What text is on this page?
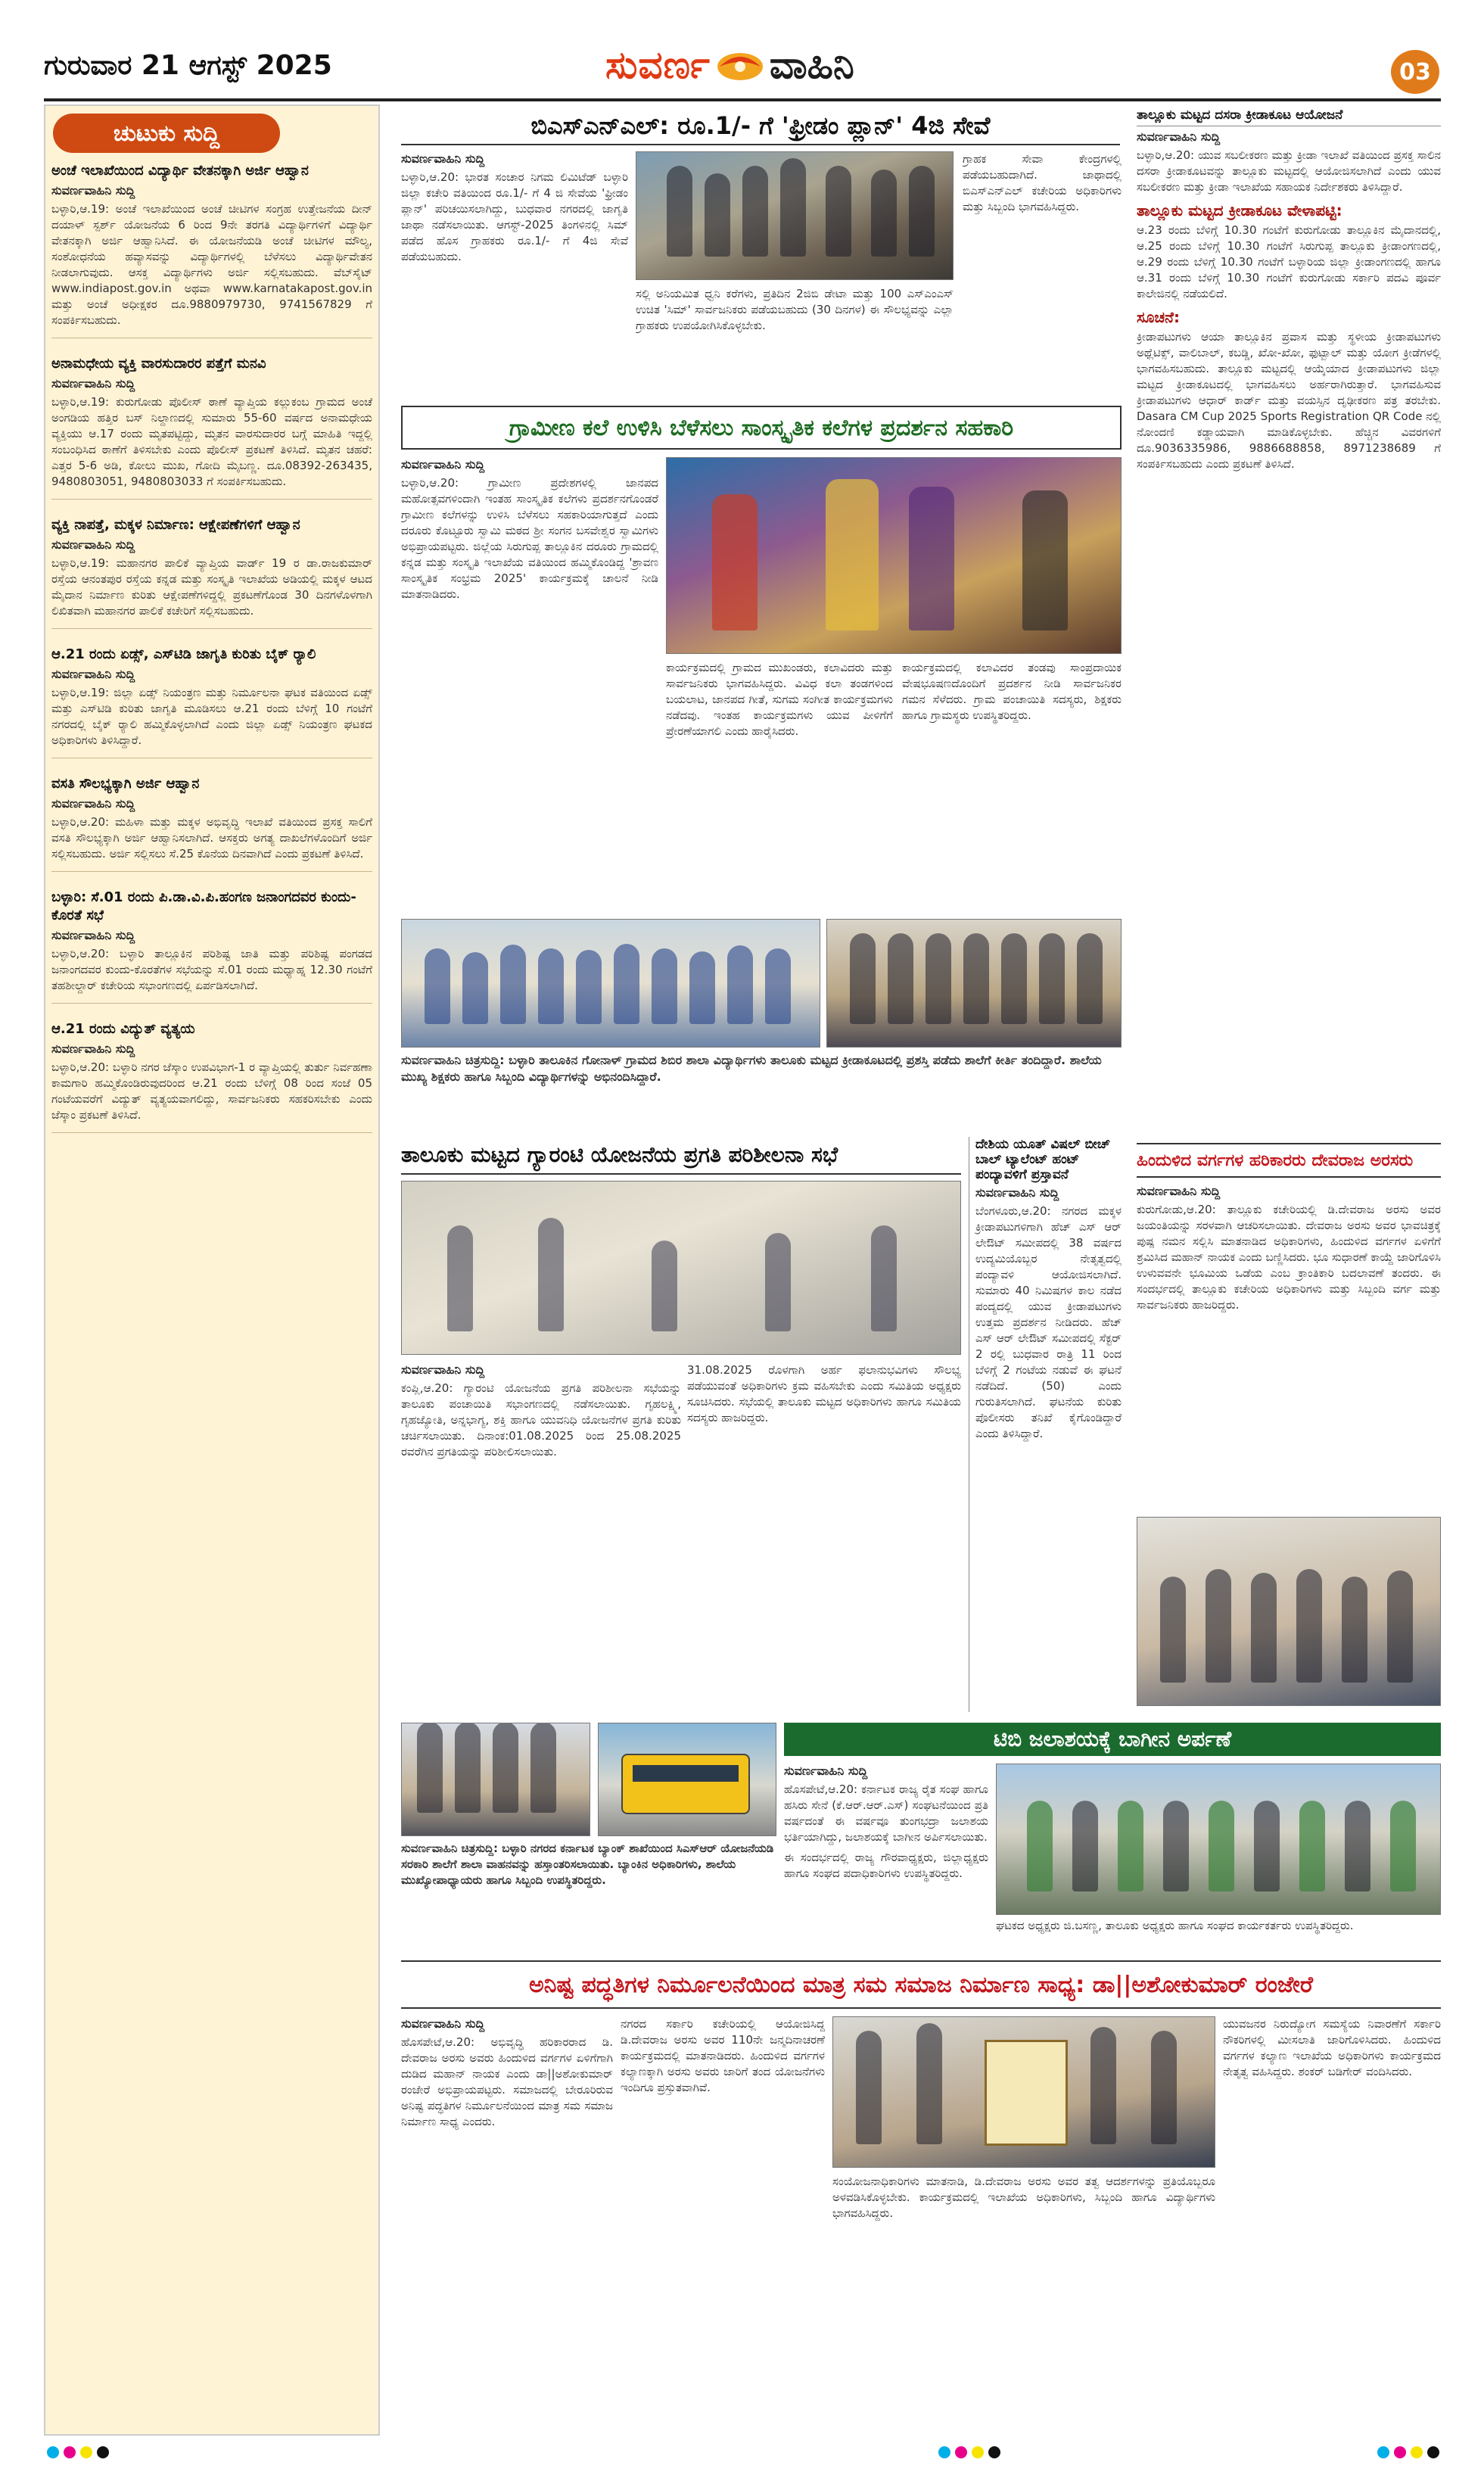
ಗುರುವಾರ 21 ಆಗಸ್ಟ್ 2025	ಸುವರ್ಣ ವಾಹಿನಿ	03
ಚುಟುಕು ಸುದ್ದಿ
ಅಂಚೆ ಇಲಾಖೆಯಿಂದ ವಿದ್ಯಾರ್ಥಿ ವೇತನಕ್ಕಾಗಿ ಅರ್ಜಿ ಆಹ್ವಾನ
ಸುವರ್ಣವಾಹಿನಿ ಸುದ್ದಿ
ಬಳ್ಳಾರಿ,ಆ.19: ಅಂಚೆ ಇಲಾಖೆಯಿಂದ ಅಂಚೆ ಚೀಟಿಗಳ ಸಂಗ್ರಹ ಉತ್ತೇಜನೆಯ ದೀನ್ ದಯಾಳ್ ಸ್ಪರ್ಶ್ ಯೋಜನೆಯ 6 ರಿಂದ 9ನೇ ತರಗತಿ ವಿದ್ಯಾರ್ಥಿಗಳಿಗೆ ವಿದ್ಯಾರ್ಥಿ ವೇತನಕ್ಕಾಗಿ ಅರ್ಜಿ ಆಹ್ವಾನಿಸಿದೆ. ಈ ಯೋಜನೆಯಡಿ ಅಂಚೆ ಚೀಟಿಗಳ ಮೌಲ್ಯ, ಸಂಶೋಧನೆಯ ಹವ್ಯಾಸವನ್ನು ವಿದ್ಯಾರ್ಥಿಗಳಲ್ಲಿ ಬೆಳೆಸಲು ವಿದ್ಯಾರ್ಥಿವೇತನ ನೀಡಲಾಗುವುದು. ಆಸಕ್ತ ವಿದ್ಯಾರ್ಥಿಗಳು ಅರ್ಜಿ ಸಲ್ಲಿಸಬಹುದು. ವೆಬ್‌ಸೈಟ್ www.indiapost.gov.in ಅಥವಾ www.karnatakapost.gov.in ಮತ್ತು ಅಂಚೆ ಅಧೀಕ್ಷಕರ ದೂ.9880979730, 9741567829 ಗೆ ಸಂಪರ್ಕಿಸಬಹುದು.
ಅನಾಮಧೇಯ ವ್ಯಕ್ತಿ ವಾರಸುದಾರರ ಪತ್ತೆಗೆ ಮನವಿ
ಸುವರ್ಣವಾಹಿನಿ ಸುದ್ದಿ
ಬಳ್ಳಾರಿ,ಆ.19: ಕುರುಗೋಡು ಪೊಲೀಸ್ ಠಾಣೆ ವ್ಯಾಪ್ತಿಯ ಕಲ್ಲುಕಂಬ ಗ್ರಾಮದ ಅಂಚೆ ಅಂಗಡಿಯ ಹತ್ತಿರ ಬಸ್ ನಿಲ್ದಾಣದಲ್ಲಿ ಸುಮಾರು 55-60 ವರ್ಷದ ಅನಾಮಧೇಯ ವ್ಯಕ್ತಿಯು ಆ.17 ರಂದು ಮೃತಪಟ್ಟಿದ್ದು, ಮೃತನ ವಾರಸುದಾರರ ಬಗ್ಗೆ ಮಾಹಿತಿ ಇದ್ದಲ್ಲಿ ಸಂಬಂಧಿಸಿದ ಠಾಣೆಗೆ ತಿಳಿಸಬೇಕು ಎಂದು ಪೊಲೀಸ್ ಪ್ರಕಟಣೆ ತಿಳಿಸಿದೆ. ಮೃತನ ಚಹರೆ: ಎತ್ತರ 5-6 ಅಡಿ, ಕೋಲು ಮುಖ, ಗೋದಿ ಮೈಬಣ್ಣ. ದೂ.08392-263435, 9480803051, 9480803033 ಗೆ ಸಂಪರ್ಕಿಸಬಹುದು.
ವ್ಯಕ್ತಿ ನಾಪತ್ತೆ, ಮಕ್ಕಳ ನಿರ್ಮಾಣ: ಆಕ್ಷೇಪಣೆಗಳಿಗೆ ಆಹ್ವಾನ
ಸುವರ್ಣವಾಹಿನಿ ಸುದ್ದಿ
ಬಳ್ಳಾರಿ,ಆ.19: ಮಹಾನಗರ ಪಾಲಿಕೆ ವ್ಯಾಪ್ತಿಯ ವಾರ್ಡ್ 19 ರ ಡಾ.ರಾಜಕುಮಾರ್ ರಸ್ತೆಯ ಆನಂತಪುರ ರಸ್ತೆಯ ಕನ್ನಡ ಮತ್ತು ಸಂಸ್ಕೃತಿ ಇಲಾಖೆಯ ಅಡಿಯಲ್ಲಿ ಮಕ್ಕಳ ಆಟದ ಮೈದಾನ ನಿರ್ಮಾಣ ಕುರಿತು ಆಕ್ಷೇಪಣೆಗಳಿದ್ದಲ್ಲಿ ಪ್ರಕಟಣೆಗೊಂಡ 30 ದಿನಗಳೊಳಗಾಗಿ ಲಿಖಿತವಾಗಿ ಮಹಾನಗರ ಪಾಲಿಕೆ ಕಚೇರಿಗೆ ಸಲ್ಲಿಸಬಹುದು.
ಆ.21 ರಂದು ಏಡ್ಸ್, ಎಸ್‌ಟಿಡಿ ಜಾಗೃತಿ ಕುರಿತು ಬೈಕ್ ರ‍್ಯಾಲಿ
ಸುವರ್ಣವಾಹಿನಿ ಸುದ್ದಿ
ಬಳ್ಳಾರಿ,ಆ.19: ಜಿಲ್ಲಾ ಏಡ್ಸ್ ನಿಯಂತ್ರಣ ಮತ್ತು ನಿರ್ಮೂಲನಾ ಘಟಕ ವತಿಯಿಂದ ಏಡ್ಸ್ ಮತ್ತು ಎಸ್‌ಟಿಡಿ ಕುರಿತು ಜಾಗೃತಿ ಮೂಡಿಸಲು ಆ.21 ರಂದು ಬೆಳಿಗ್ಗೆ 10 ಗಂಟೆಗೆ ನಗರದಲ್ಲಿ ಬೈಕ್ ರ‍್ಯಾಲಿ ಹಮ್ಮಿಕೊಳ್ಳಲಾಗಿದೆ ಎಂದು ಜಿಲ್ಲಾ ಏಡ್ಸ್ ನಿಯಂತ್ರಣ ಘಟಕದ ಅಧಿಕಾರಿಗಳು ತಿಳಿಸಿದ್ದಾರೆ.
ವಸತಿ ಸೌಲಭ್ಯಕ್ಕಾಗಿ ಅರ್ಜಿ ಆಹ್ವಾನ
ಸುವರ್ಣವಾಹಿನಿ ಸುದ್ದಿ
ಬಳ್ಳಾರಿ,ಆ.20: ಮಹಿಳಾ ಮತ್ತು ಮಕ್ಕಳ ಅಭಿವೃದ್ಧಿ ಇಲಾಖೆ ವತಿಯಿಂದ ಪ್ರಸಕ್ತ ಸಾಲಿಗೆ ವಸತಿ ಸೌಲಭ್ಯಕ್ಕಾಗಿ ಅರ್ಜಿ ಆಹ್ವಾನಿಸಲಾಗಿದೆ. ಆಸಕ್ತರು ಅಗತ್ಯ ದಾಖಲೆಗಳೊಂದಿಗೆ ಅರ್ಜಿ ಸಲ್ಲಿಸಬಹುದು. ಅರ್ಜಿ ಸಲ್ಲಿಸಲು ಸೆ.25 ಕೊನೆಯ ದಿನವಾಗಿದೆ ಎಂದು ಪ್ರಕಟಣೆ ತಿಳಿಸಿದೆ.
ಬಳ್ಳಾರಿ: ಸೆ.01 ರಂದು ಪಿ.ಡಾ.ವಿ.ಪಿ.ಹಂಗಣ ಜನಾಂಗದವರ ಕುಂದು-ಕೊರತೆ ಸಭೆ
ಸುವರ್ಣವಾಹಿನಿ ಸುದ್ದಿ
ಬಳ್ಳಾರಿ,ಆ.20: ಬಳ್ಳಾರಿ ತಾಲ್ಲೂಕಿನ ಪರಿಶಿಷ್ಟ ಜಾತಿ ಮತ್ತು ಪರಿಶಿಷ್ಟ ಪಂಗಡದ ಜನಾಂಗದವರ ಕುಂದು-ಕೊರತೆಗಳ ಸಭೆಯನ್ನು ಸೆ.01 ರಂದು ಮಧ್ಯಾಹ್ನ 12.30 ಗಂಟೆಗೆ ತಹಶೀಲ್ದಾರ್ ಕಚೇರಿಯ ಸಭಾಂಗಣದಲ್ಲಿ ಏರ್ಪಡಿಸಲಾಗಿದೆ.
ಆ.21 ರಂದು ವಿದ್ಯುತ್ ವ್ಯತ್ಯಯ
ಸುವರ್ಣವಾಹಿನಿ ಸುದ್ದಿ
ಬಳ್ಳಾರಿ,ಆ.20: ಬಳ್ಳಾರಿ ನಗರ ಜೆಸ್ಕಾಂ ಉಪವಿಭಾಗ-1 ರ ವ್ಯಾಪ್ತಿಯಲ್ಲಿ ತುರ್ತು ನಿರ್ವಹಣಾ ಕಾಮಗಾರಿ ಹಮ್ಮಿಕೊಂಡಿರುವುದರಿಂದ ಆ.21 ರಂದು ಬೆಳಿಗ್ಗೆ 08 ರಿಂದ ಸಂಜೆ 05 ಗಂಟೆಯವರೆಗೆ ವಿದ್ಯುತ್ ವ್ಯತ್ಯಯವಾಗಲಿದ್ದು, ಸಾರ್ವಜನಿಕರು ಸಹಕರಿಸಬೇಕು ಎಂದು ಜೆಸ್ಕಾಂ ಪ್ರಕಟಣೆ ತಿಳಿಸಿದೆ.
ಬಿಎಸ್‌ಎನ್‌ಎಲ್: ರೂ.1/- ಗೆ 'ಫ್ರೀಡಂ ಪ್ಲಾನ್' 4ಜಿ ಸೇವೆ
ಸುವರ್ಣವಾಹಿನಿ ಸುದ್ದಿ
ಬಳ್ಳಾರಿ,ಆ.20: ಭಾರತ ಸಂಚಾರ ನಿಗಮ ಲಿಮಿಟೆಡ್ ಬಳ್ಳಾರಿ ಜಿಲ್ಲಾ ಕಚೇರಿ ವತಿಯಿಂದ ರೂ.1/- ಗೆ 4 ಜಿ ಸೇವೆಯ 'ಫ್ರೀಡಂ ಪ್ಲಾನ್' ಪರಿಚಯಿಸಲಾಗಿದ್ದು, ಬುಧವಾರ ನಗರದಲ್ಲಿ ಜಾಗೃತಿ ಜಾಥಾ ನಡೆಸಲಾಯಿತು. ಆಗಸ್ಟ್-2025 ತಿಂಗಳಿನಲ್ಲಿ ಸಿಮ್ ಪಡೆದ ಹೊಸ ಗ್ರಾಹಕರು ರೂ.1/- ಗೆ 4ಜಿ ಸೇವೆ ಪಡೆಯಬಹುದು.
ಸಲ್ಲಿ ಅನಿಯಮಿತ ಧ್ವನಿ ಕರೆಗಳು, ಪ್ರತಿದಿನ 2ಜಿಬಿ ಡೇಟಾ ಮತ್ತು 100 ಎಸ್‌ಎಂಎಸ್ ಉಚಿತ 'ಸಿಮ್' ಸಾರ್ವಜನಿಕರು ಪಡೆಯಬಹುದು (30 ದಿನಗಳ) ಈ ಸೌಲಭ್ಯವನ್ನು ಎಲ್ಲಾ ಗ್ರಾಹಕರು ಉಪಯೋಗಿಸಿಕೊಳ್ಳಬೇಕು.
ಗ್ರಾಹಕ ಸೇವಾ ಕೇಂದ್ರಗಳಲ್ಲಿ ಪಡೆಯಬಹುದಾಗಿದೆ. ಜಾಥಾದಲ್ಲಿ ಬಿಎಸ್‌ಎನ್‌ಎಲ್ ಕಚೇರಿಯ ಅಧಿಕಾರಿಗಳು ಮತ್ತು ಸಿಬ್ಬಂದಿ ಭಾಗವಹಿಸಿದ್ದರು.
ಗ್ರಾಮೀಣ ಕಲೆ ಉಳಿಸಿ ಬೆಳೆಸಲು ಸಾಂಸ್ಕೃತಿಕ ಕಲೆಗಳ ಪ್ರದರ್ಶನ ಸಹಕಾರಿ
ಸುವರ್ಣವಾಹಿನಿ ಸುದ್ದಿ
ಬಳ್ಳಾರಿ,ಆ.20: ಗ್ರಾಮೀಣ ಪ್ರದೇಶಗಳಲ್ಲಿ ಜಾನಪದ ಮಹೋತ್ಸವಗಳಿಂದಾಗಿ ಇಂತಹ ಸಾಂಸ್ಕೃತಿಕ ಕಲೆಗಳು ಪ್ರದರ್ಶನಗೊಂಡರೆ ಗ್ರಾಮೀಣ ಕಲೆಗಳನ್ನು ಉಳಿಸಿ ಬೆಳೆಸಲು ಸಹಕಾರಿಯಾಗುತ್ತದೆ ಎಂದು ದರೂರು ಕೊಟ್ಟೂರು ಸ್ವಾಮಿ ಮಠದ ಶ್ರೀ ಸಂಗನ ಬಸವೇಶ್ವರ ಸ್ವಾಮಿಗಳು ಅಭಿಪ್ರಾಯಪಟ್ಟರು. ಜಿಲ್ಲೆಯ ಸಿರುಗುಪ್ಪ ತಾಲ್ಲೂಕಿನ ದರೂರು ಗ್ರಾಮದಲ್ಲಿ ಕನ್ನಡ ಮತ್ತು ಸಂಸ್ಕೃತಿ ಇಲಾಖೆಯ ವತಿಯಿಂದ ಹಮ್ಮಿಕೊಂಡಿದ್ದ 'ಶ್ರಾವಣ ಸಾಂಸ್ಕೃತಿಕ ಸಂಭ್ರಮ 2025' ಕಾರ್ಯಕ್ರಮಕ್ಕೆ ಚಾಲನೆ ನೀಡಿ ಮಾತನಾಡಿದರು.
ಕಾರ್ಯಕ್ರಮದಲ್ಲಿ ಗ್ರಾಮದ ಮುಖಂಡರು, ಕಲಾವಿದರು ಮತ್ತು ಸಾರ್ವಜನಿಕರು ಭಾಗವಹಿಸಿದ್ದರು. ವಿವಿಧ ಕಲಾ ತಂಡಗಳಿಂದ ಬಯಲಾಟ, ಜಾನಪದ ಗೀತೆ, ಸುಗಮ ಸಂಗೀತ ಕಾರ್ಯಕ್ರಮಗಳು ನಡೆದವು. ಇಂತಹ ಕಾರ್ಯಕ್ರಮಗಳು ಯುವ ಪೀಳಿಗೆಗೆ ಪ್ರೇರಣೆಯಾಗಲಿ ಎಂದು ಹಾರೈಸಿದರು.
ಕಾರ್ಯಕ್ರಮದಲ್ಲಿ ಕಲಾವಿದರ ತಂಡವು ಸಾಂಪ್ರದಾಯಿಕ ವೇಷಭೂಷಣದೊಂದಿಗೆ ಪ್ರದರ್ಶನ ನೀಡಿ ಸಾರ್ವಜನಿಕರ ಗಮನ ಸೆಳೆದರು. ಗ್ರಾಮ ಪಂಚಾಯಿತಿ ಸದಸ್ಯರು, ಶಿಕ್ಷಕರು ಹಾಗೂ ಗ್ರಾಮಸ್ಥರು ಉಪಸ್ಥಿತರಿದ್ದರು.
ಸುವರ್ಣವಾಹಿನಿ ಚಿತ್ರಸುದ್ದಿ: ಬಳ್ಳಾರಿ ತಾಲೂಕಿನ ಗೋನಾಳ್ ಗ್ರಾಮದ ಶಿಬಿರ ಶಾಲಾ ವಿದ್ಯಾರ್ಥಿಗಳು ತಾಲೂಕು ಮಟ್ಟದ ಕ್ರೀಡಾಕೂಟದಲ್ಲಿ ಪ್ರಶಸ್ತಿ ಪಡೆದು ಶಾಲೆಗೆ ಕೀರ್ತಿ ತಂದಿದ್ದಾರೆ. ಶಾಲೆಯ ಮುಖ್ಯ ಶಿಕ್ಷಕರು ಹಾಗೂ ಸಿಬ್ಬಂದಿ ವಿದ್ಯಾರ್ಥಿಗಳನ್ನು ಅಭಿನಂದಿಸಿದ್ದಾರೆ.
ತಾಲೂಕು ಮಟ್ಟದ ಗ್ಯಾರಂಟಿ ಯೋಜನೆಯ ಪ್ರಗತಿ ಪರಿಶೀಲನಾ ಸಭೆ
ಸುವರ್ಣವಾಹಿನಿ ಸುದ್ದಿ
ಕಂಪ್ಲಿ,ಆ.20: ಗ್ಯಾರಂಟಿ ಯೋಜನೆಯ ಪ್ರಗತಿ ಪರಿಶೀಲನಾ ಸಭೆಯನ್ನು ತಾಲೂಕು ಪಂಚಾಯಿತಿ ಸಭಾಂಗಣದಲ್ಲಿ ನಡೆಸಲಾಯಿತು. ಗೃಹಲಕ್ಷ್ಮಿ, ಗೃಹಜ್ಯೋತಿ, ಅನ್ನಭಾಗ್ಯ, ಶಕ್ತಿ ಹಾಗೂ ಯುವನಿಧಿ ಯೋಜನೆಗಳ ಪ್ರಗತಿ ಕುರಿತು ಚರ್ಚಿಸಲಾಯಿತು. ದಿನಾಂಕ:01.08.2025 ರಿಂದ 25.08.2025 ರವರೆಗಿನ ಪ್ರಗತಿಯನ್ನು ಪರಿಶೀಲಿಸಲಾಯಿತು.
31.08.2025 ರೊಳಗಾಗಿ ಅರ್ಹ ಫಲಾನುಭವಿಗಳು ಸೌಲಭ್ಯ ಪಡೆಯುವಂತೆ ಅಧಿಕಾರಿಗಳು ಕ್ರಮ ವಹಿಸಬೇಕು ಎಂದು ಸಮಿತಿಯ ಅಧ್ಯಕ್ಷರು ಸೂಚಿಸಿದರು. ಸಭೆಯಲ್ಲಿ ತಾಲೂಕು ಮಟ್ಟದ ಅಧಿಕಾರಿಗಳು ಹಾಗೂ ಸಮಿತಿಯ ಸದಸ್ಯರು ಹಾಜರಿದ್ದರು.
ದೇಶಿಯ ಯೂತ್ ವಿಷಲ್ ಬೀಚ್ ಬಾಲ್ ಟ್ಯಾಲೆಂಟ್ ಹಂಟ್ ಪಂದ್ಯಾವಳಿಗೆ ಪ್ರಸ್ತಾವನೆ
ಸುವರ್ಣವಾಹಿನಿ ಸುದ್ದಿ
ಬೆಂಗಳೂರು,ಆ.20: ನಗರದ ಮಕ್ಕಳ ಕ್ರೀಡಾಪಟುಗಳಿಗಾಗಿ ಹೆಚ್ ಎಸ್ ಆರ್ ಲೇಔಟ್ ಸಮೀಪದಲ್ಲಿ 38 ವರ್ಷದ ಉದ್ಯಮಿಯೊಬ್ಬರ ನೇತೃತ್ವದಲ್ಲಿ ಪಂದ್ಯಾವಳಿ ಆಯೋಜಿಸಲಾಗಿದೆ. ಸುಮಾರು 40 ನಿಮಿಷಗಳ ಕಾಲ ನಡೆದ ಪಂದ್ಯದಲ್ಲಿ ಯುವ ಕ್ರೀಡಾಪಟುಗಳು ಉತ್ತಮ ಪ್ರದರ್ಶನ ನೀಡಿದರು. ಹೆಚ್ ಎಸ್ ಆರ್ ಲೇಔಟ್ ಸಮೀಪದಲ್ಲಿ ಸೆಕ್ಟರ್ 2 ರಲ್ಲಿ ಬುಧವಾರ ರಾತ್ರಿ 11 ರಿಂದ ಬೆಳಿಗ್ಗೆ 2 ಗಂಟೆಯ ನಡುವೆ ಈ ಘಟನೆ ನಡೆದಿದೆ. (50) ಎಂದು ಗುರುತಿಸಲಾಗಿದೆ. ಘಟನೆಯ ಕುರಿತು ಪೊಲೀಸರು ತನಿಖೆ ಕೈಗೊಂಡಿದ್ದಾರೆ ಎಂದು ತಿಳಿಸಿದ್ದಾರೆ.
ತಾಲ್ಲೂಕು ಮಟ್ಟದ ದಸರಾ ಕ್ರೀಡಾಕೂಟ ಆಯೋಜನೆ
ಸುವರ್ಣವಾಹಿನಿ ಸುದ್ದಿ
ಬಳ್ಳಾರಿ,ಆ.20: ಯುವ ಸಬಲೀಕರಣ ಮತ್ತು ಕ್ರೀಡಾ ಇಲಾಖೆ ವತಿಯಿಂದ ಪ್ರಸಕ್ತ ಸಾಲಿನ ದಸರಾ ಕ್ರೀಡಾಕೂಟವನ್ನು ತಾಲ್ಲೂಕು ಮಟ್ಟದಲ್ಲಿ ಆಯೋಜಿಸಲಾಗಿದೆ ಎಂದು ಯುವ ಸಬಲೀಕರಣ ಮತ್ತು ಕ್ರೀಡಾ ಇಲಾಖೆಯ ಸಹಾಯಕ ನಿರ್ದೇಶಕರು ತಿಳಿಸಿದ್ದಾರೆ.
ತಾಲ್ಲೂಕು ಮಟ್ಟದ ಕ್ರೀಡಾಕೂಟ ವೇಳಾಪಟ್ಟಿ:
ಆ.23 ರಂದು ಬೆಳಿಗ್ಗೆ 10.30 ಗಂಟೆಗೆ ಕುರುಗೋಡು ತಾಲ್ಲೂಕಿನ ಮೈದಾನದಲ್ಲಿ, ಆ.25 ರಂದು ಬೆಳಿಗ್ಗೆ 10.30 ಗಂಟೆಗೆ ಸಿರುಗುಪ್ಪ ತಾಲ್ಲೂಕು ಕ್ರೀಡಾಂಗಣದಲ್ಲಿ, ಆ.29 ರಂದು ಬೆಳಿಗ್ಗೆ 10.30 ಗಂಟೆಗೆ ಬಳ್ಳಾರಿಯ ಜಿಲ್ಲಾ ಕ್ರೀಡಾಂಗಣದಲ್ಲಿ ಹಾಗೂ ಆ.31 ರಂದು ಬೆಳಿಗ್ಗೆ 10.30 ಗಂಟೆಗೆ ಕುರುಗೋಡು ಸರ್ಕಾರಿ ಪದವಿ ಪೂರ್ವ ಕಾಲೇಜಿನಲ್ಲಿ ನಡೆಯಲಿದೆ.
ಸೂಚನೆ:
ಕ್ರೀಡಾಪಟುಗಳು ಆಯಾ ತಾಲ್ಲೂಕಿನ ಪ್ರವಾಸ ಮತ್ತು ಸ್ಥಳೀಯ ಕ್ರೀಡಾಪಟುಗಳು ಅಥ್ಲೆಟಿಕ್ಸ್, ವಾಲಿಬಾಲ್, ಕಬಡ್ಡಿ, ಖೋ-ಖೋ, ಫುಟ್ಬಾಲ್ ಮತ್ತು ಯೋಗ ಕ್ರೀಡೆಗಳಲ್ಲಿ ಭಾಗವಹಿಸಬಹುದು. ತಾಲ್ಲೂಕು ಮಟ್ಟದಲ್ಲಿ ಆಯ್ಕೆಯಾದ ಕ್ರೀಡಾಪಟುಗಳು ಜಿಲ್ಲಾ ಮಟ್ಟದ ಕ್ರೀಡಾಕೂಟದಲ್ಲಿ ಭಾಗವಹಿಸಲು ಅರ್ಹರಾಗಿರುತ್ತಾರೆ. ಭಾಗವಹಿಸುವ ಕ್ರೀಡಾಪಟುಗಳು ಆಧಾರ್ ಕಾರ್ಡ್ ಮತ್ತು ವಯಸ್ಸಿನ ದೃಢೀಕರಣ ಪತ್ರ ತರಬೇಕು. Dasara CM Cup 2025 Sports Registration QR Code ನಲ್ಲಿ ನೋಂದಣಿ ಕಡ್ಡಾಯವಾಗಿ ಮಾಡಿಕೊಳ್ಳಬೇಕು. ಹೆಚ್ಚಿನ ವಿವರಗಳಿಗೆ ದೂ.9036335986, 9886688858, 8971238689 ಗೆ ಸಂಪರ್ಕಿಸಬಹುದು ಎಂದು ಪ್ರಕಟಣೆ ತಿಳಿಸಿದೆ.
ಹಿಂದುಳಿದ ವರ್ಗಗಳ ಹರಿಕಾರರು ದೇವರಾಜ ಅರಸರು
ಸುವರ್ಣವಾಹಿನಿ ಸುದ್ದಿ
ಕುರುಗೋಡು,ಆ.20: ತಾಲ್ಲೂಕು ಕಚೇರಿಯಲ್ಲಿ ಡಿ.ದೇವರಾಜ ಅರಸು ಅವರ ಜಯಂತಿಯನ್ನು ಸರಳವಾಗಿ ಆಚರಿಸಲಾಯಿತು. ದೇವರಾಜ ಅರಸು ಅವರ ಭಾವಚಿತ್ರಕ್ಕೆ ಪುಷ್ಪ ನಮನ ಸಲ್ಲಿಸಿ ಮಾತನಾಡಿದ ಅಧಿಕಾರಿಗಳು, ಹಿಂದುಳಿದ ವರ್ಗಗಳ ಏಳಿಗೆಗೆ ಶ್ರಮಿಸಿದ ಮಹಾನ್ ನಾಯಕ ಎಂದು ಬಣ್ಣಿಸಿದರು. ಭೂ ಸುಧಾರಣೆ ಕಾಯ್ದೆ ಜಾರಿಗೊಳಿಸಿ ಉಳುವವನೇ ಭೂಮಿಯ ಒಡೆಯ ಎಂಬ ಕ್ರಾಂತಿಕಾರಿ ಬದಲಾವಣೆ ತಂದರು. ಈ ಸಂದರ್ಭದಲ್ಲಿ ತಾಲ್ಲೂಕು ಕಚೇರಿಯ ಅಧಿಕಾರಿಗಳು ಮತ್ತು ಸಿಬ್ಬಂದಿ ವರ್ಗ ಮತ್ತು ಸಾರ್ವಜನಿಕರು ಹಾಜರಿದ್ದರು.
ಸುವರ್ಣವಾಹಿನಿ ಚಿತ್ರಸುದ್ದಿ: ಬಳ್ಳಾರಿ ನಗರದ ಕರ್ನಾಟಕ ಬ್ಯಾಂಕ್ ಶಾಖೆಯಿಂದ ಸಿಎಸ್‌ಆರ್ ಯೋಜನೆಯಡಿ ಸರಕಾರಿ ಶಾಲೆಗೆ ಶಾಲಾ ವಾಹನವನ್ನು ಹಸ್ತಾಂತರಿಸಲಾಯಿತು. ಬ್ಯಾಂಕಿನ ಅಧಿಕಾರಿಗಳು, ಶಾಲೆಯ ಮುಖ್ಯೋಪಾಧ್ಯಾಯರು ಹಾಗೂ ಸಿಬ್ಬಂದಿ ಉಪಸ್ಥಿತರಿದ್ದರು.
ಟಿಬಿ ಜಲಾಶಯಕ್ಕೆ ಬಾಗೀನ ಅರ್ಪಣೆ
ಸುವರ್ಣವಾಹಿನಿ ಸುದ್ದಿ
ಹೊಸಪೇಟೆ,ಆ.20: ಕರ್ನಾಟಕ ರಾಜ್ಯ ರೈತ ಸಂಘ ಹಾಗೂ ಹಸಿರು ಸೇನೆ (ಕೆ.ಆರ್.ಆರ್.ಎಸ್) ಸಂಘಟನೆಯಿಂದ ಪ್ರತಿ ವರ್ಷದಂತೆ ಈ ವರ್ಷವೂ ತುಂಗಭದ್ರಾ ಜಲಾಶಯ ಭರ್ತಿಯಾಗಿದ್ದು, ಜಲಾಶಯಕ್ಕೆ ಬಾಗೀನ ಅರ್ಪಿಸಲಾಯಿತು.
ಈ ಸಂದರ್ಭದಲ್ಲಿ ರಾಜ್ಯ ಗೌರವಾಧ್ಯಕ್ಷರು, ಜಿಲ್ಲಾಧ್ಯಕ್ಷರು ಹಾಗೂ ಸಂಘದ ಪದಾಧಿಕಾರಿಗಳು ಉಪಸ್ಥಿತರಿದ್ದರು.
ಘಟಕದ ಅಧ್ಯಕ್ಷರು ಜಿ.ಬಸಣ್ಣ, ತಾಲೂಕು ಅಧ್ಯಕ್ಷರು ಹಾಗೂ ಸಂಘದ ಕಾರ್ಯಕರ್ತರು ಉಪಸ್ಥಿತರಿದ್ದರು.
ಅನಿಷ್ಟ ಪದ್ಧತಿಗಳ ನಿರ್ಮೂಲನೆಯಿಂದ ಮಾತ್ರ ಸಮ ಸಮಾಜ ನಿರ್ಮಾಣ ಸಾಧ್ಯ: ಡಾ||ಅಶೋಕುಮಾರ್ ರಂಜೇರೆ
ಸುವರ್ಣವಾಹಿನಿ ಸುದ್ದಿ
ಹೊಸಪೇಟೆ,ಆ.20: ಅಭಿವೃದ್ಧಿ ಹರಿಕಾರರಾದ ಡಿ. ದೇವರಾಜ ಅರಸು ಅವರು ಹಿಂದುಳಿದ ವರ್ಗಗಳ ಏಳಿಗೆಗಾಗಿ ದುಡಿದ ಮಹಾನ್ ನಾಯಕ ಎಂದು ಡಾ||ಅಶೋಕುಮಾರ್ ರಂಜೇರೆ ಅಭಿಪ್ರಾಯಪಟ್ಟರು. ಸಮಾಜದಲ್ಲಿ ಬೇರೂರಿರುವ ಅನಿಷ್ಟ ಪದ್ಧತಿಗಳ ನಿರ್ಮೂಲನೆಯಿಂದ ಮಾತ್ರ ಸಮ ಸಮಾಜ ನಿರ್ಮಾಣ ಸಾಧ್ಯ ಎಂದರು.
ನಗರದ ಸರ್ಕಾರಿ ಕಚೇರಿಯಲ್ಲಿ ಆಯೋಜಿಸಿದ್ದ ಡಿ.ದೇವರಾಜ ಅರಸು ಅವರ 110ನೇ ಜನ್ಮದಿನಾಚರಣೆ ಕಾರ್ಯಕ್ರಮದಲ್ಲಿ ಮಾತನಾಡಿದರು. ಹಿಂದುಳಿದ ವರ್ಗಗಳ ಕಲ್ಯಾಣಕ್ಕಾಗಿ ಅರಸು ಅವರು ಜಾರಿಗೆ ತಂದ ಯೋಜನೆಗಳು ಇಂದಿಗೂ ಪ್ರಸ್ತುತವಾಗಿವೆ.
ಸಂಯೋಜನಾಧಿಕಾರಿಗಳು ಮಾತನಾಡಿ, ಡಿ.ದೇವರಾಜ ಅರಸು ಅವರ ತತ್ವ ಆದರ್ಶಗಳನ್ನು ಪ್ರತಿಯೊಬ್ಬರೂ ಅಳವಡಿಸಿಕೊಳ್ಳಬೇಕು. ಕಾರ್ಯಕ್ರಮದಲ್ಲಿ ಇಲಾಖೆಯ ಅಧಿಕಾರಿಗಳು, ಸಿಬ್ಬಂದಿ ಹಾಗೂ ವಿದ್ಯಾರ್ಥಿಗಳು ಭಾಗವಹಿಸಿದ್ದರು.
ಯುವಜನರ ನಿರುದ್ಯೋಗ ಸಮಸ್ಯೆಯ ನಿವಾರಣೆಗೆ ಸರ್ಕಾರಿ ನೌಕರಿಗಳಲ್ಲಿ ಮೀಸಲಾತಿ ಜಾರಿಗೊಳಿಸಿದರು. ಹಿಂದುಳಿದ ವರ್ಗಗಳ ಕಲ್ಯಾಣ ಇಲಾಖೆಯ ಅಧಿಕಾರಿಗಳು ಕಾರ್ಯಕ್ರಮದ ನೇತೃತ್ವ ವಹಿಸಿದ್ದರು. ಶಂಕರ್ ಬಡಿಗೇರ್ ವಂದಿಸಿದರು.
